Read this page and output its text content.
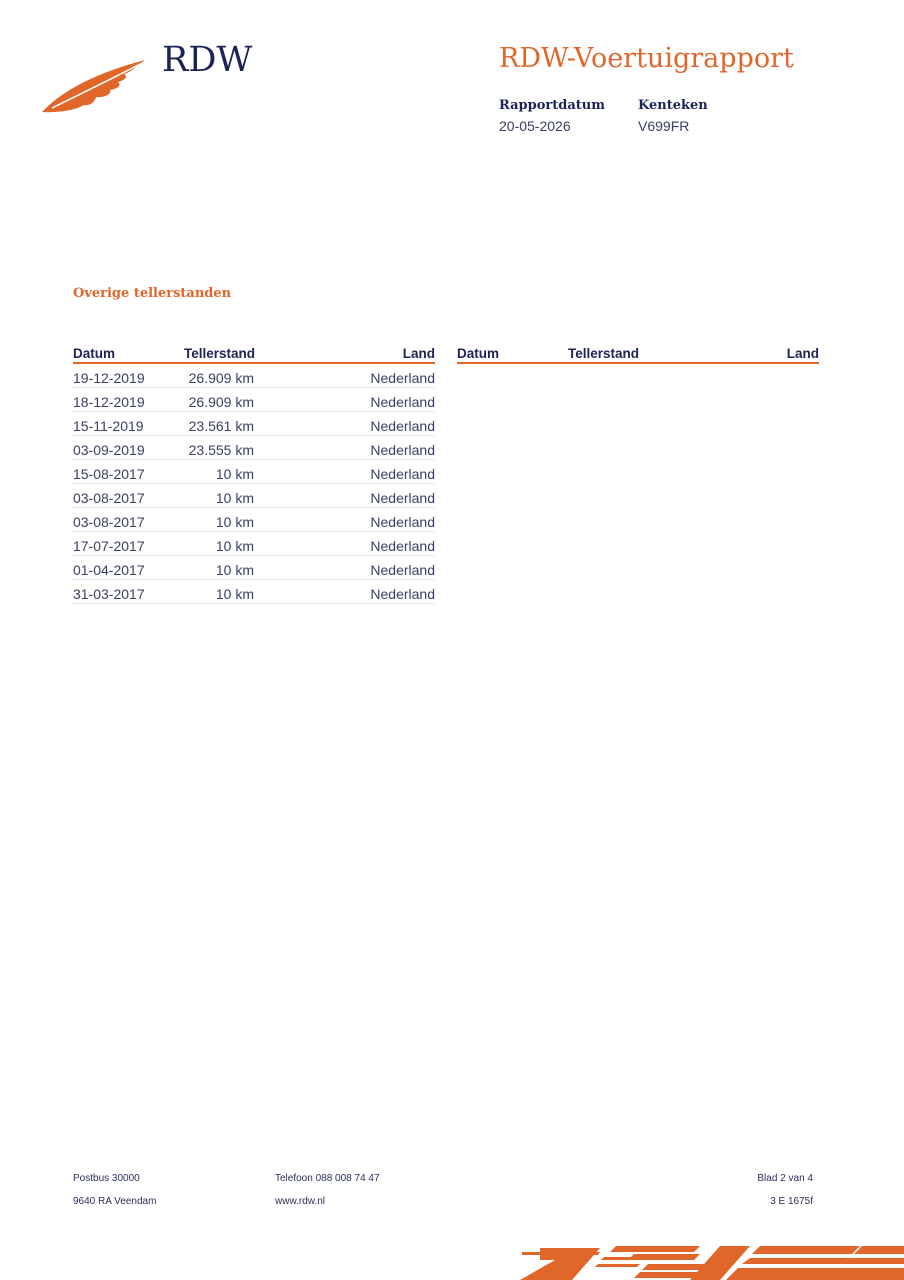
RDW	RDW-Voertuigrapport
Rapportdatum
20-05-2026
Kenteken
V699FR
Overige tellerstanden
Datum	Tellerstand	Land
19-12-2019	26.909 km	Nederland
18-12-2019	26.909 km	Nederland
15-11-2019	23.561 km	Nederland
03-09-2019	23.555 km	Nederland
15-08-2017	10 km	Nederland
03-08-2017	10 km	Nederland
03-08-2017	10 km	Nederland
17-07-2017	10 km	Nederland
01-04-2017	10 km	Nederland
31-03-2017	10 km	Nederland
Datum	Tellerstand	Land
Postbus 30000
9640 RA Veendam
Telefoon 088 008 74 47
www.rdw.nl
Blad 2 van 4
3 E 1675f
